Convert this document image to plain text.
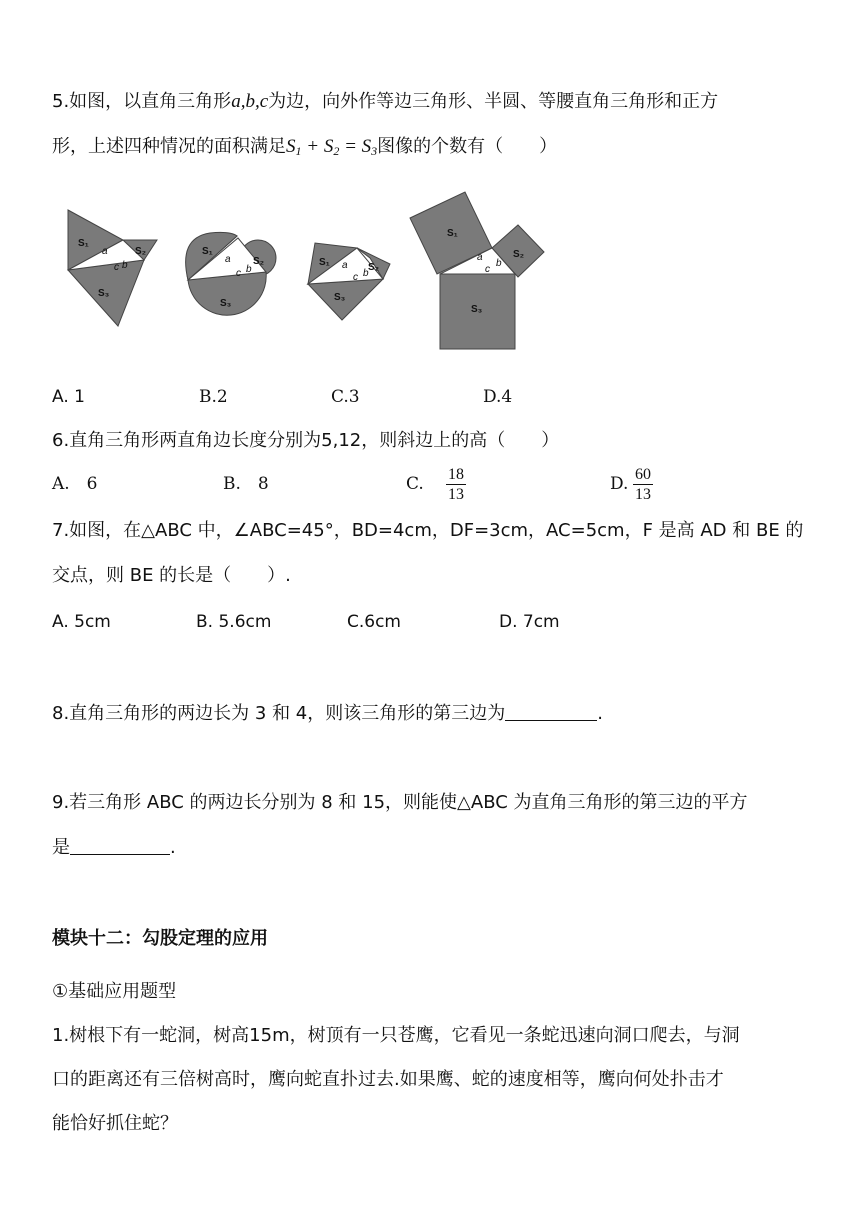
5.如图，以直角三角形a,b,c为边，向外作等边三角形、半圆、等腰直角三角形和正方
形，上述四种情况的面积满足$S_1 + S_2 = S_3$图像的个数有（　　）
S₁
S₂
S₃
S₁
S₂
S₃
S₁	S₂
S₃
S₁
S₂
S₃
a
b
c
a
b
c
a
b
c
a
b
c
A. 1	B.2	C.3	D.4
6.直角三角形两直角边长度分别为5,12，则斜边上的高（　　）
A.　6	B.　8	C. 18
13
D. 60
13
7.如图，在△ABC 中，∠ABC=45°，BD=4cm，DF=3cm，AC=5cm，F 是高 AD 和 BE 的
交点，则 BE 的长是（　　）.
A. 5cm	B. 5.6cm	C.6cm	D. 7cm
8.直角三角形的两边长为 3 和 4，则该三角形的第三边为	.
9.若三角形 ABC 的两边长分别为 8 和 15，则能使△ABC 为直角三角形的第三边的平方
是	.
模块十二：勾股定理的应用
①基础应用题型
1.树根下有一蛇洞，树高15m，树顶有一只苍鹰，它看见一条蛇迅速向洞口爬去，与洞
口的距离还有三倍树高时，鹰向蛇直扑过去.如果鹰、蛇的速度相等，鹰向何处扑击才
能恰好抓住蛇？
